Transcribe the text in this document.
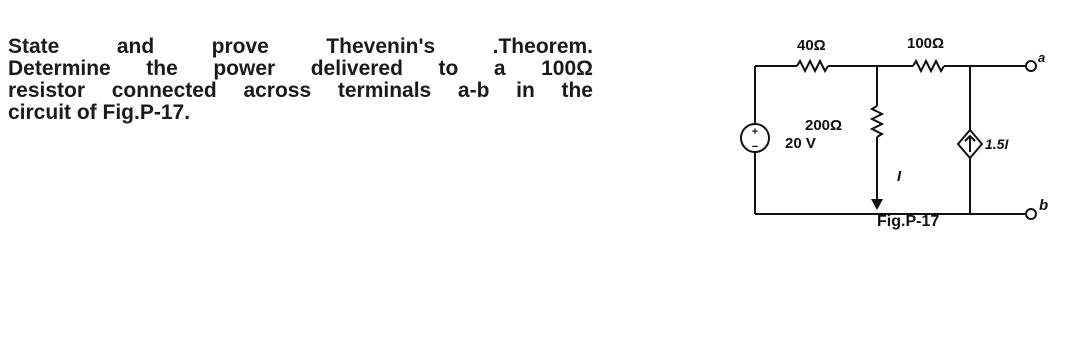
State and prove Thevenin's .Theorem.
Determine the power delivered to a 100Ω
resistor connected across terminals a-b in the
circuit of Fig.P-17.
+
−
40Ω	100Ω
200Ω
20 V
I
1.5I
a
b
Fig.P-17
